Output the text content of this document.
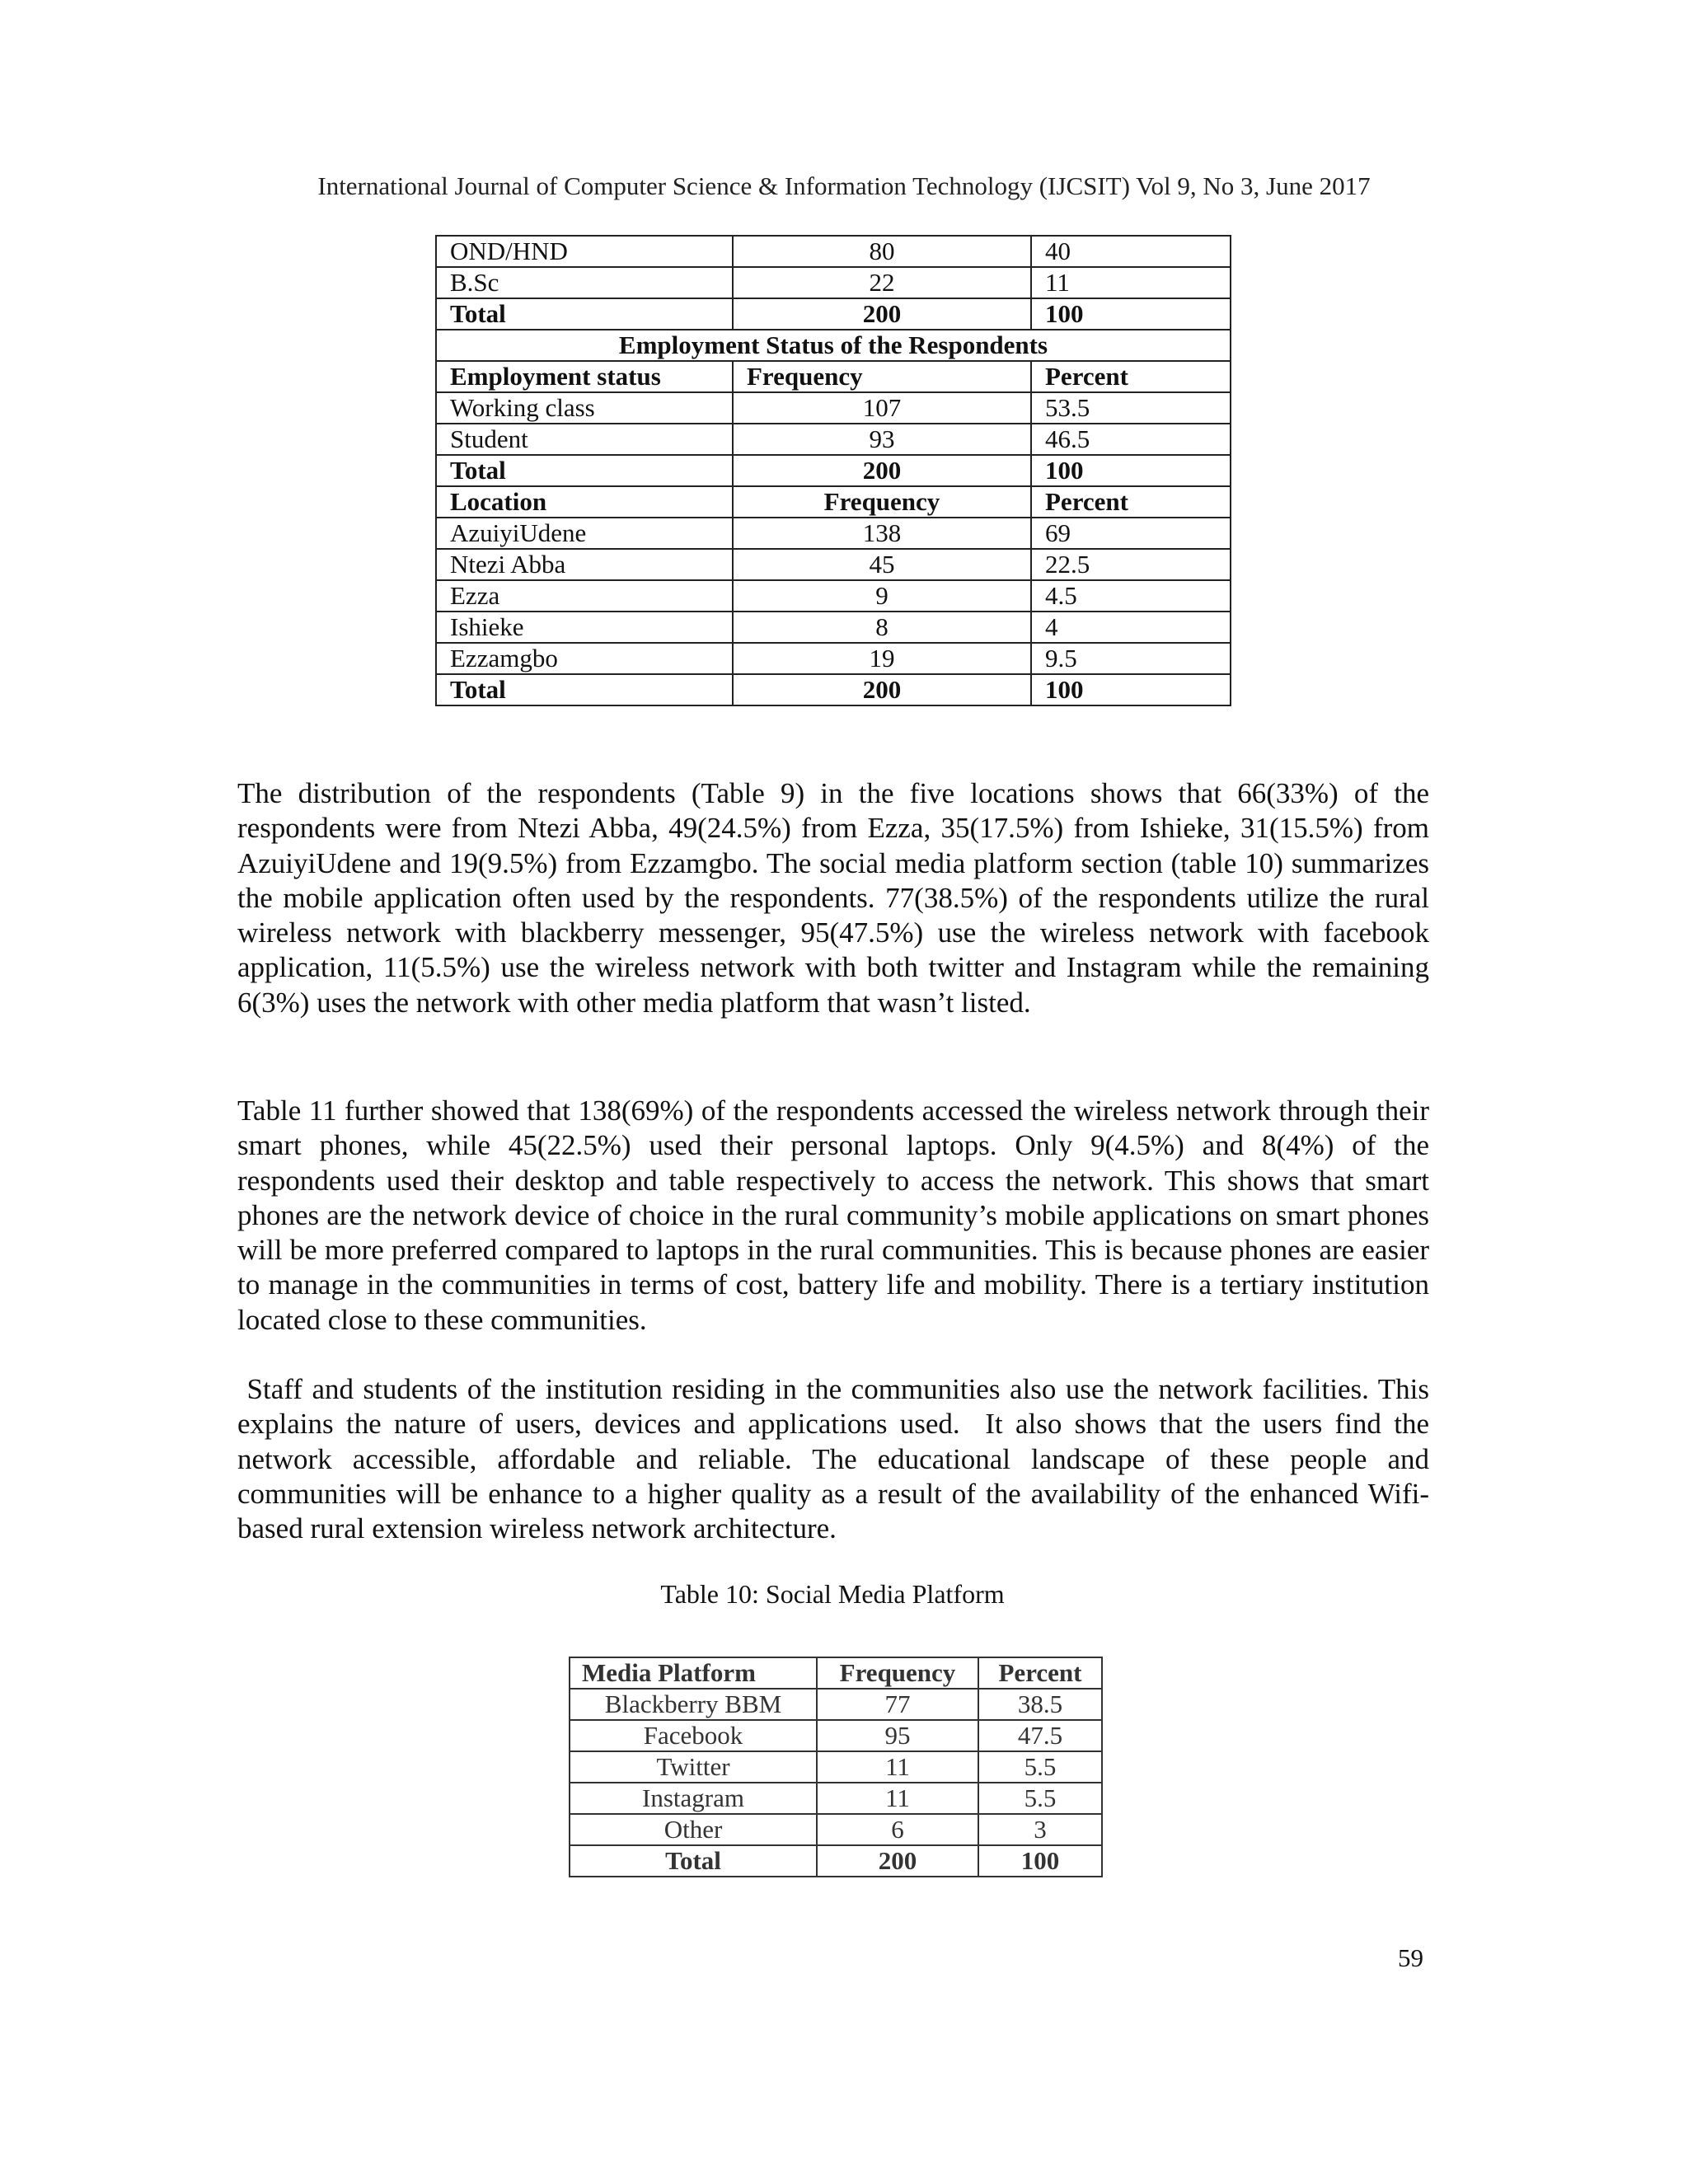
International Journal of Computer Science & Information Technology (IJCSIT) Vol 9, No 3, June 2017
OND/HND	80	40
B.Sc	22	11
Total	200	100
Employment Status of the Respondents		
Employment status	Frequency	Percent
Working class	107	53.5
Student	93	46.5
Total	200	100
Location	Frequency	Percent
AzuiyiUdene	138	69
Ntezi Abba	45	22.5
Ezza	9	4.5
Ishieke	8	4
Ezzamgbo	19	9.5
Total	200	100

The distribution of the respondents (Table 9) in the five locations shows that 66(33%) of the respondents were from Ntezi Abba, 49(24.5%) from Ezza, 35(17.5%) from Ishieke, 31(15.5%) from AzuiyiUdene and 19(9.5%) from Ezzamgbo. The social media platform section (table 10) summarizes the mobile application often used by the respondents. 77(38.5%) of the respondents utilize the rural wireless network with blackberry messenger, 95(47.5%) use the wireless network with facebook application, 11(5.5%) use the wireless network with both twitter and Instagram while the remaining 6(3%) uses the network with other media platform that wasn’t listed.

Table 11 further showed that 138(69%) of the respondents accessed the wireless network through their smart phones, while 45(22.5%) used their personal laptops. Only 9(4.5%) and 8(4%) of the respondents used their desktop and table respectively to access the network. This shows that smart phones are the network device of choice in the rural community’s mobile applications on smart phones will be more preferred compared to laptops in the rural communities. This is because phones are easier to manage in the communities in terms of cost, battery life and mobility. There is a tertiary institution located close to these communities.

Staff and students of the institution residing in the communities also use the network facilities. This explains the nature of users, devices and applications used.  It also shows that the users find the network accessible, affordable and reliable. The educational landscape of these people and communities will be enhance to a higher quality as a result of the availability of the enhanced Wifi-based rural extension wireless network architecture.

Table 10: Social Media Platform
Media Platform	Frequency	Percent
Blackberry BBM	77	38.5
Facebook	95	47.5
Twitter	11	5.5
Instagram	11	5.5
Other	6	3
Total	200	100
59
